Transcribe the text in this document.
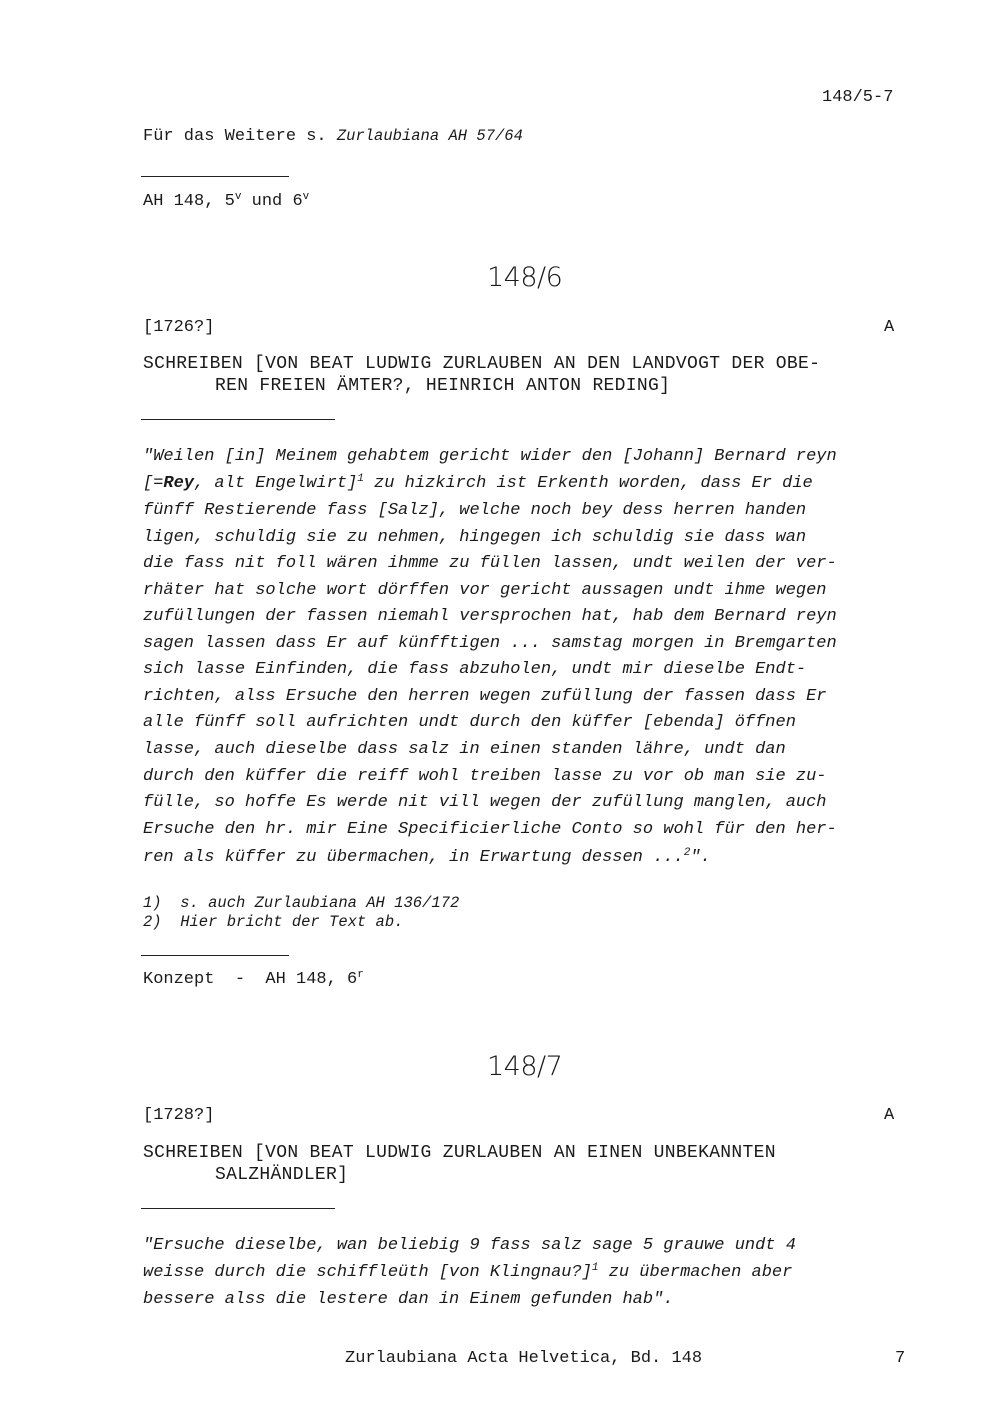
148/5-7
Für das Weitere s. Zurlaubiana AH 57/64
AH 148, 5$^v$ und 6$^v$
148/6
[1726?]	A
SCHREIBEN [VON BEAT LUDWIG ZURLAUBEN AN DEN LANDVOGT DER OBE-
REN FREIEN ÄMTER?, HEINRICH ANTON REDING]
"Weilen [in] Meinem gehabtem gericht wider den [Johann] Bernard reyn
[=Rey, alt Engelwirt]$^1$ zu hizkirch ist Erkenth worden, dass Er die
fünff Restierende fass [Salz], welche noch bey dess herren handen
ligen, schuldig sie zu nehmen, hingegen ich schuldig sie dass wan
die fass nit foll wären ihmme zu füllen lassen, undt weilen der ver-
rhäter hat solche wort dörffen vor gericht aussagen undt ihme wegen
zufüllungen der fassen niemahl versprochen hat, hab dem Bernard reyn
sagen lassen dass Er auf künfftigen ... samstag morgen in Bremgarten
sich lasse Einfinden, die fass abzuholen, undt mir dieselbe Endt-
richten, alss Ersuche den herren wegen zufüllung der fassen dass Er
alle fünff soll aufrichten undt durch den küffer [ebenda] öffnen
lasse, auch dieselbe dass salz in einen standen lähre, undt dan
durch den küffer die reiff wohl treiben lasse zu vor ob man sie zu-
fülle, so hoffe Es werde nit vill wegen der zufüllung manglen, auch
Ersuche den hr. mir Eine Specificierliche Conto so wohl für den her-
ren als küffer zu übermachen, in Erwartung dessen ...$^2$".
1)  s. auch Zurlaubiana AH 136/172
2)  Hier bricht der Text ab.
Konzept  -  AH 148, 6$^r$
148/7
[1728?]	A
SCHREIBEN [VON BEAT LUDWIG ZURLAUBEN AN EINEN UNBEKANNTEN
SALZHÄNDLER]
"Ersuche dieselbe, wan beliebig 9 fass salz sage 5 grauwe undt 4
weisse durch die schiffleüth [von Klingnau?]$^1$ zu übermachen aber
bessere alss die lestere dan in Einem gefunden hab".
Zurlaubiana Acta Helvetica, Bd. 148	7
